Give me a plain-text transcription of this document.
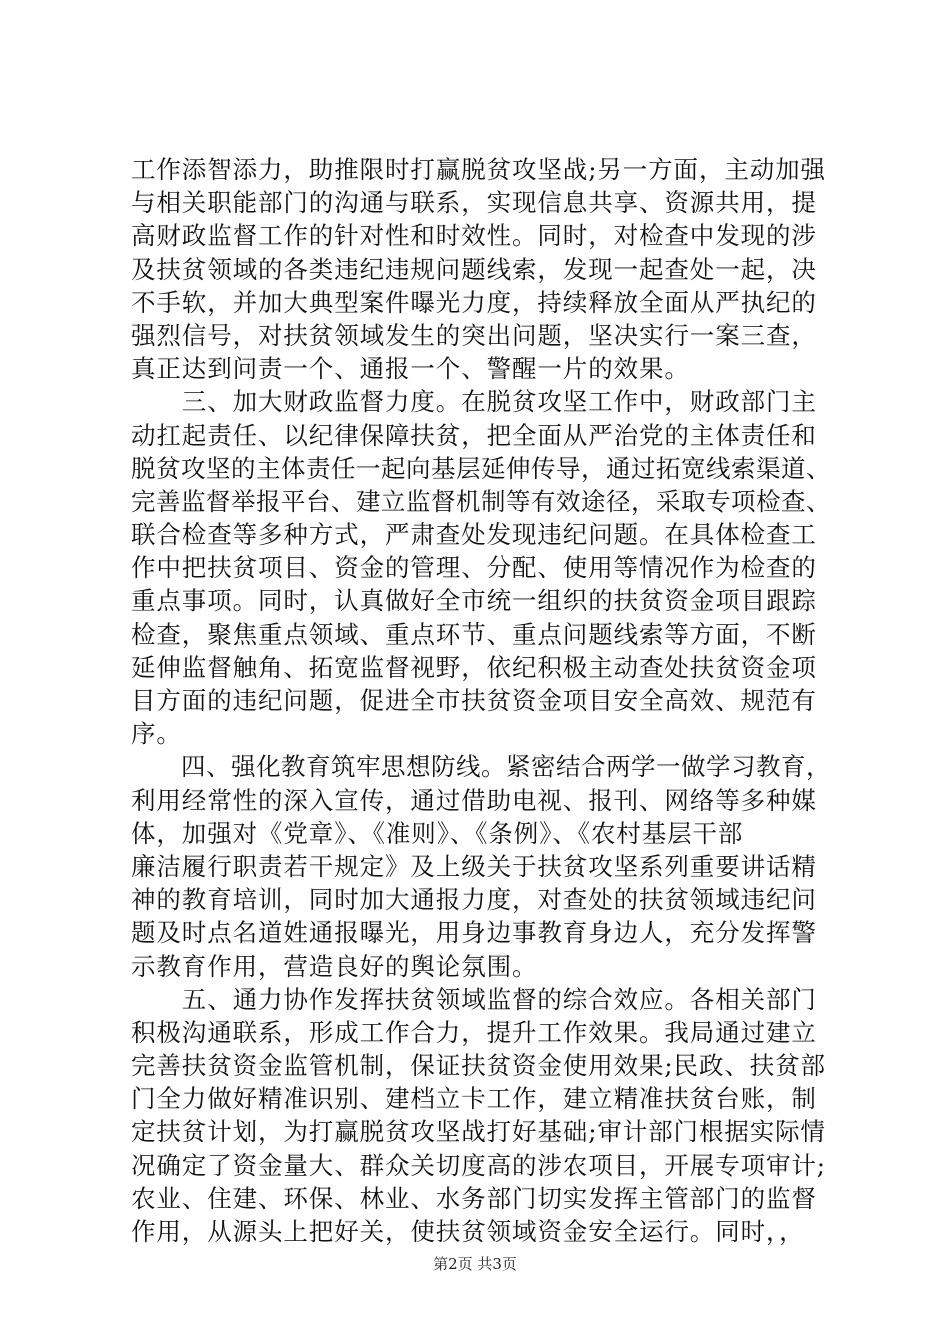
工作添智添力，助推限时打赢脱贫攻坚战;另一方面，主动加强
与相关职能部门的沟通与联系，实现信息共享、资源共用，提
高财政监督工作的针对性和时效性。同时，对检查中发现的涉
及扶贫领域的各类违纪违规问题线索，发现一起查处一起，决
不手软，并加大典型案件曝光力度，持续释放全面从严执纪的
强烈信号，对扶贫领域发生的突出问题，坚决实行一案三查，
真正达到问责一个、通报一个、警醒一片的效果。
　　三、加大财政监督力度。在脱贫攻坚工作中，财政部门主
动扛起责任、以纪律保障扶贫，把全面从严治党的主体责任和
脱贫攻坚的主体责任一起向基层延伸传导，通过拓宽线索渠道、
完善监督举报平台、建立监督机制等有效途径，采取专项检查、
联合检查等多种方式，严肃查处发现违纪问题。在具体检查工
作中把扶贫项目、资金的管理、分配、使用等情况作为检查的
重点事项。同时，认真做好全市统一组织的扶贫资金项目跟踪
检查，聚焦重点领域、重点环节、重点问题线索等方面，不断
延伸监督触角、拓宽监督视野，依纪积极主动查处扶贫资金项
目方面的违纪问题，促进全市扶贫资金项目安全高效、规范有
序。
　　四、强化教育筑牢思想防线。紧密结合两学一做学习教育，
利用经常性的深入宣传，通过借助电视、报刊、网络等多种媒
体，加强对《党章》、《准则》、《条例》、《农村基层干部
廉洁履行职责若干规定》及上级关于扶贫攻坚系列重要讲话精
神的教育培训，同时加大通报力度，对查处的扶贫领域违纪问
题及时点名道姓通报曝光，用身边事教育身边人，充分发挥警
示教育作用，营造良好的舆论氛围。
　　五、通力协作发挥扶贫领域监督的综合效应。各相关部门
积极沟通联系，形成工作合力，提升工作效果。我局通过建立
完善扶贫资金监管机制，保证扶贫资金使用效果;民政、扶贫部
门全力做好精准识别、建档立卡工作，建立精准扶贫台账，制
定扶贫计划，为打赢脱贫攻坚战打好基础;审计部门根据实际情
况确定了资金量大、群众关切度高的涉农项目，开展专项审计;
农业、住建、环保、林业、水务部门切实发挥主管部门的监督
作用，从源头上把好关，使扶贫领域资金安全运行。同时，，
第2页 共3页
